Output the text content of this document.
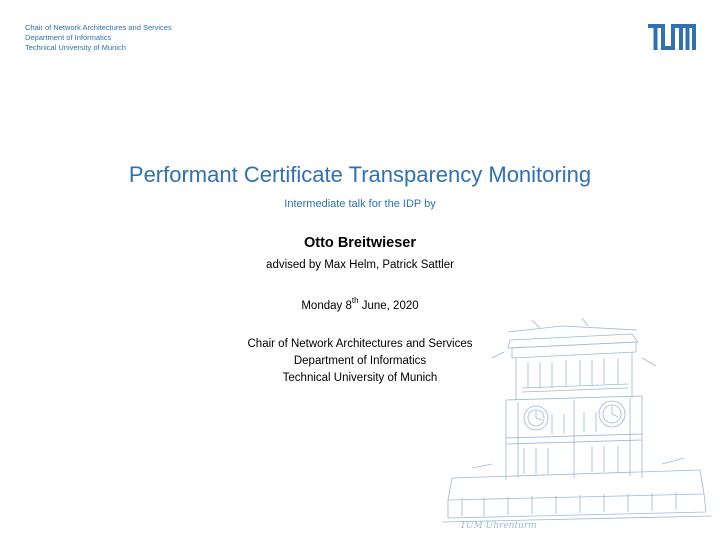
Chair of Network Architectures and Services
Department of Informatics
Technical University of Munich
Performant Certificate Transparency Monitoring
Intermediate talk for the IDP by
Otto Breitwieser
advised by Max Helm, Patrick Sattler
Monday 8th June, 2020
Chair of Network Architectures and Services
Department of Informatics
Technical University of Munich
TUM Uhrenturm
